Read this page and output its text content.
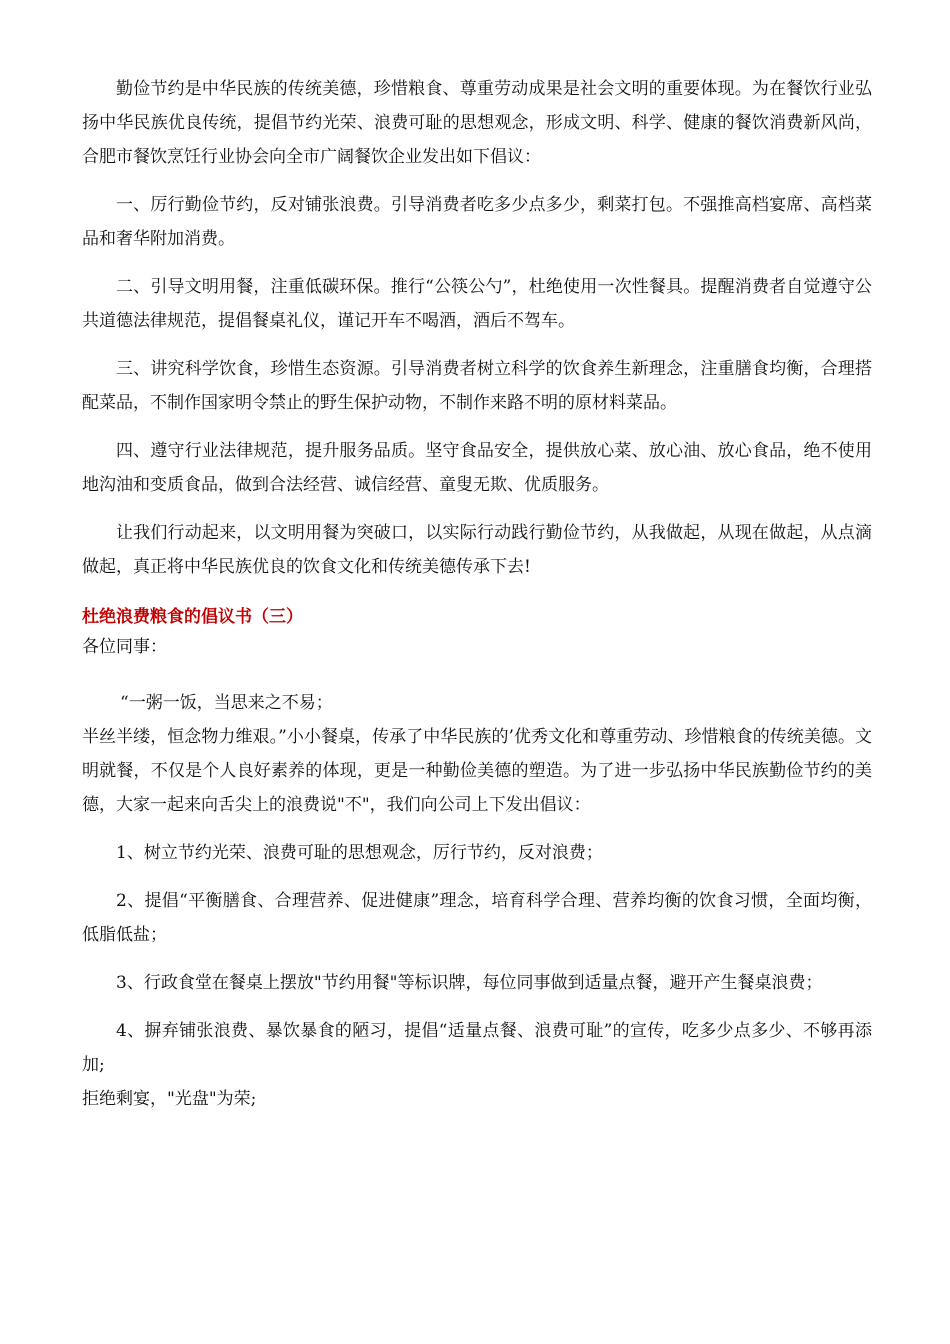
勤俭节约是中华民族的传统美德，珍惜粮食、尊重劳动成果是社会文明的重要体现。为在餐饮行业弘扬中华民族优良传统，提倡节约光荣、浪费可耻的思想观念，形成文明、科学、健康的餐饮消费新风尚，合肥市餐饮烹饪行业协会向全市广阔餐饮企业发出如下倡议：

一、厉行勤俭节约，反对铺张浪费。引导消费者吃多少点多少，剩菜打包。不强推高档宴席、高档菜品和奢华附加消费。

二、引导文明用餐，注重低碳环保。推行“公筷公勺”，杜绝使用一次性餐具。提醒消费者自觉遵守公共道德法律规范，提倡餐桌礼仪，谨记开车不喝酒，酒后不驾车。

三、讲究科学饮食，珍惜生态资源。引导消费者树立科学的饮食养生新理念，注重膳食均衡，合理搭配菜品，不制作国家明令禁止的野生保护动物，不制作来路不明的原材料菜品。

四、遵守行业法律规范，提升服务品质。坚守食品安全，提供放心菜、放心油、放心食品，绝不使用地沟油和变质食品，做到合法经营、诚信经营、童叟无欺、优质服务。

让我们行动起来，以文明用餐为突破口，以实际行动践行勤俭节约，从我做起，从现在做起，从点滴做起，真正将中华民族优良的饮食文化和传统美德传承下去!

杜绝浪费粮食的倡议书（三）

各位同事：

“一粥一饭，当思来之不易；

半丝半缕，恒念物力维艰。”小小餐桌，传承了中华民族的’优秀文化和尊重劳动、珍惜粮食的传统美德。文明就餐，不仅是个人良好素养的体现，更是一种勤俭美德的塑造。为了进一步弘扬中华民族勤俭节约的美德，大家一起来向舌尖上的浪费说"不"，我们向公司上下发出倡议：

1、树立节约光荣、浪费可耻的思想观念，厉行节约，反对浪费；

2、提倡“平衡膳食、合理营养、促进健康”理念，培育科学合理、营养均衡的饮食习惯，全面均衡，低脂低盐；

3、行政食堂在餐桌上摆放"节约用餐"等标识牌，每位同事做到适量点餐，避开产生餐桌浪费；

4、摒弃铺张浪费、暴饮暴食的陋习，提倡“适量点餐、浪费可耻”的宣传，吃多少点多少、不够再添加;

拒绝剩宴，"光盘"为荣;
